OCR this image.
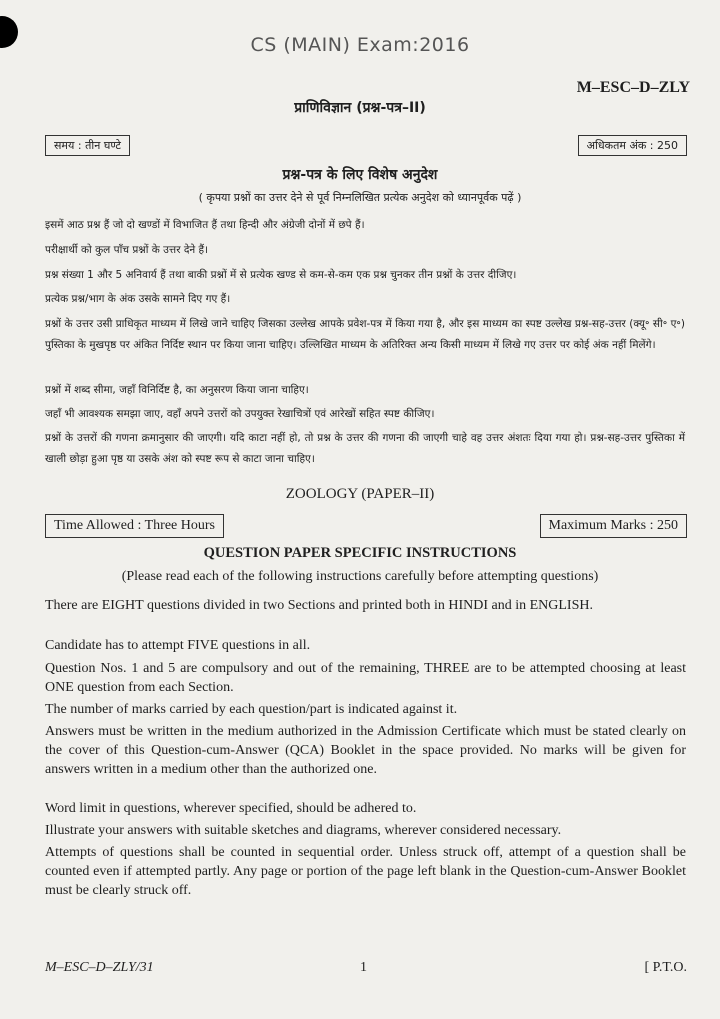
CS (MAIN) Exam:2016
M–ESC–D–ZLY
प्राणिविज्ञान (प्रश्न-पत्र–II)
समय : तीन घण्टे	अधिकतम अंक : 250
प्रश्न-पत्र के लिए विशेष अनुदेश
( कृपया प्रश्नों का उत्तर देने से पूर्व निम्नलिखित प्रत्येक अनुदेश को ध्यानपूर्वक पढ़ें )

इसमें आठ प्रश्न हैं जो दो खण्डों में विभाजित हैं तथा हिन्दी और अंग्रेजी दोनों में छपे हैं।

परीक्षार्थी को कुल पाँच प्रश्नों के उत्तर देने हैं।

प्रश्न संख्या 1 और 5 अनिवार्य हैं तथा बाकी प्रश्नों में से प्रत्येक खण्ड से कम-से-कम एक प्रश्न चुनकर तीन प्रश्नों के उत्तर दीजिए।

प्रत्येक प्रश्न/भाग के अंक उसके सामने दिए गए हैं।

प्रश्नों के उत्तर उसी प्राधिकृत माध्यम में लिखे जाने चाहिए जिसका उल्लेख आपके प्रवेश-पत्र में किया गया है, और इस माध्यम का स्पष्ट उल्लेख प्रश्न-सह-उत्तर (क्यू॰ सी॰ ए॰) पुस्तिका के मुखपृष्ठ पर अंकित निर्दिष्ट स्थान पर किया जाना चाहिए। उल्लिखित माध्यम के अतिरिक्त अन्य किसी माध्यम में लिखे गए उत्तर पर कोई अंक नहीं मिलेंगे।

प्रश्नों में शब्द सीमा, जहाँ विनिर्दिष्ट है, का अनुसरण किया जाना चाहिए।

जहाँ भी आवश्यक समझा जाए, वहाँ अपने उत्तरों को उपयुक्त रेखाचित्रों एवं आरेखों सहित स्पष्ट कीजिए।

प्रश्नों के उत्तरों की गणना क्रमानुसार की जाएगी। यदि काटा नहीं हो, तो प्रश्न के उत्तर की गणना की जाएगी चाहे वह उत्तर अंशतः दिया गया हो। प्रश्न-सह-उत्तर पुस्तिका में खाली छोड़ा हुआ पृष्ठ या उसके अंश को स्पष्ट रूप से काटा जाना चाहिए।

ZOOLOGY (PAPER–II)
Time Allowed : Three Hours	Maximum Marks : 250
QUESTION PAPER SPECIFIC INSTRUCTIONS
(Please read each of the following instructions carefully before attempting questions)

There are EIGHT questions divided in two Sections and printed both in HINDI and in ENGLISH.

Candidate has to attempt FIVE questions in all.

Question Nos. 1 and 5 are compulsory and out of the remaining, THREE are to be attempted choosing at least ONE question from each Section.

The number of marks carried by each question/part is indicated against it.

Answers must be written in the medium authorized in the Admission Certificate which must be stated clearly on the cover of this Question-cum-Answer (QCA) Booklet in the space provided. No marks will be given for answers written in a medium other than the authorized one.

Word limit in questions, wherever specified, should be adhered to.

Illustrate your answers with suitable sketches and diagrams, wherever considered necessary.

Attempts of questions shall be counted in sequential order. Unless struck off, attempt of a question shall be counted even if attempted partly. Any page or portion of the page left blank in the Question-cum-Answer Booklet must be clearly struck off.

M–ESC–D–ZLY/31	1	[ P.T.O.
